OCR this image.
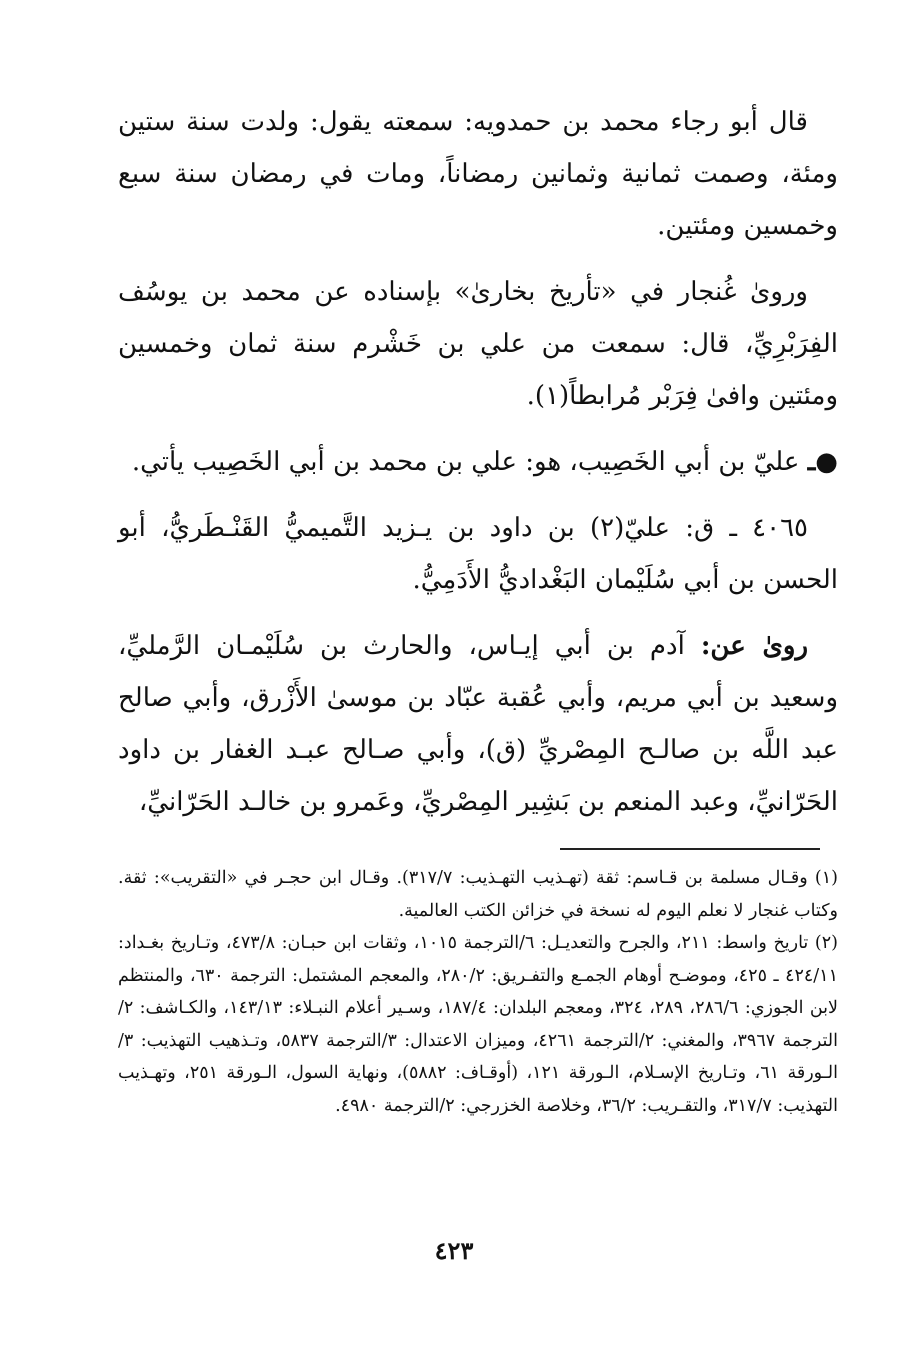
قال أبو رجاء محمد بن حمدويه: سمعته يقول: ولدت سنة ستين ومئة، وصمت ثمانية وثمانين رمضاناً، ومات في رمضان سنة سبع وخمسين ومئتين.

وروىٰ غُنجار في «تأريخ بخارىٰ» بإسناده عن محمد بن يوسُف الفِرَبْرِيِّ، قال: سمعت من علي بن خَشْرم سنة ثمان وخمسين ومئتين وافىٰ فِرَبْر مُرابطاً(١).

●ـ عليّ بن أبي الخَصِيب، هو: علي بن محمد بن أبي الخَصِيب يأتي.

٤٠٦٥ ـ ق: عليّ(٢) بن داود بن يـزيد التَّميميُّ القَنْـطَريُّ، أبو الحسن بن أبي سُلَيْمان البَغْداديُّ الأَدَمِيُّ.

روىٰ عن: آدم بن أبي إيـاس، والحارث بن سُلَيْمـان الرَّمليِّ، وسعيد بن أبي مريم، وأبي عُقبة عبّاد بن موسىٰ الأَزْرق، وأبي صالح عبد اللَّه بن صالـح المِصْريِّ (ق)، وأبي صـالح عبـد الغفار بن داود الحَرّانيِّ، وعبد المنعم بن بَشِير المِصْريِّ، وعَمرو بن خالـد الحَرّانيِّ،

(١) وقـال مسلمة بن قـاسم: ثقة (تهـذيب التهـذيب: ٣١٧/٧). وقـال ابن حجـر في «التقريب»: ثقة. وكتاب غنجار لا نعلم اليوم له نسخة في خزائن الكتب العالمية.

(٢) تاريخ واسط: ٢١١، والجرح والتعديـل: ٦/الترجمة ١٠١٥، وثقات ابن حبـان: ٤٧٣/٨، وتـاريخ بغـداد: ٤٢٤/١١ ـ ٤٢٥، وموضـح أوهام الجمـع والتفـريق: ٢٨٠/٢، والمعجم المشتمل: الترجمة ٦٣٠، والمنتظم لابن الجوزي: ٢٨٦/٦، ٢٨٩، ٣٢٤، ومعجم البلدان: ١٨٧/٤، وسـير أعلام النبـلاء: ١٤٣/١٣، والكـاشف: ٢/الترجمة ٣٩٦٧، والمغني: ٢/الترجمة ٤٢٦١، وميزان الاعتدال: ٣/الترجمة ٥٨٣٧، وتـذهيب التهذيب: ٣/الـورقة ٦١، وتـاريخ الإسـلام، الـورقة ١٢١، (أوقـاف: ٥٨٨٢)، ونهاية السول، الـورقة ٢٥١، وتهـذيب التهذيب: ٣١٧/٧، والتقـريب: ٣٦/٢، وخلاصة الخزرجي: ٢/الترجمة ٤٩٨٠.

٤٢٣
